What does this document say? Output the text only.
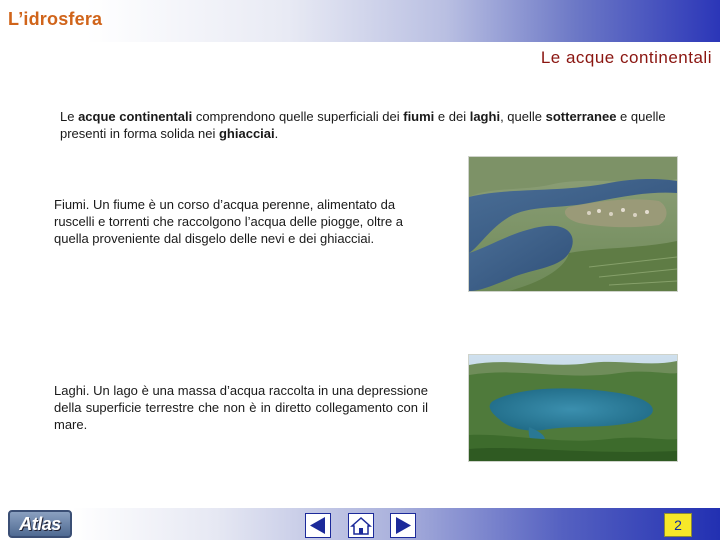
L’idrosfera
Le acque continentali

Le acque continentali comprendono quelle superficiali dei fiumi e dei laghi, quelle sotterranee e quelle presenti in forma solida nei ghiacciai.

Fiumi. Un fiume è un corso d’acqua perenne, alimentato da ruscelli e torrenti che raccolgono l’acqua delle piogge, oltre a quella proveniente dal disgelo delle nevi e dei ghiacciai.

Laghi. Un lago è una massa d’acqua raccolta in una depressione della superficie terrestre che non è in diretto collegamento con il mare.

Atlas	2
